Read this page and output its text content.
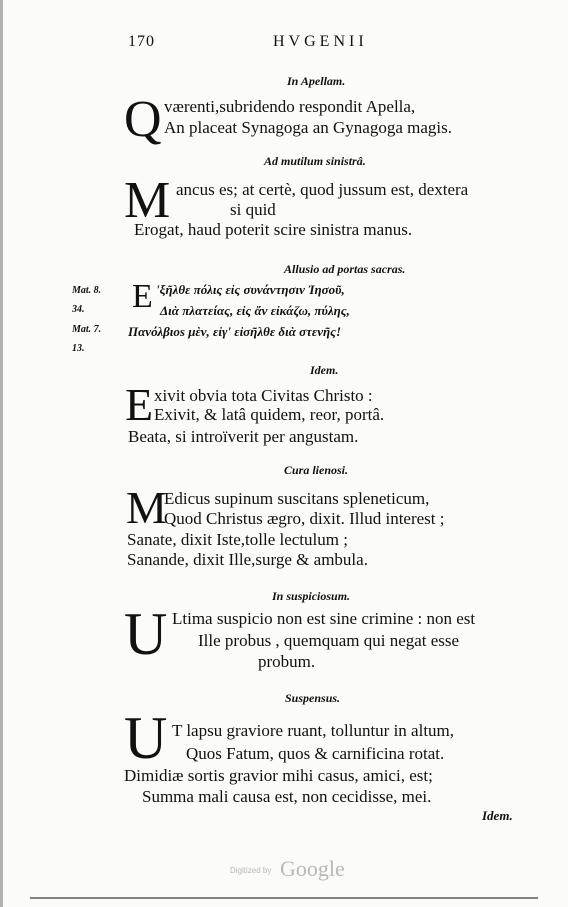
170	HVGENII
In Apellam.
Q værenti,subridendo respondit Apella,
An placeat Synagoga an Gynagoga magis.
Ad mutilum sinistrâ.
M ancus es; at certè, quod jussum est, dextera
si quid
Erogat, haud poterit scire sinistra manus.
Allusio ad portas sacras.
Mat. 8.
34.
Mat. 7.
13.
E 'ξῆλθε πόλις εἰς συνάντησιν Ἰησοῦ,
Διὰ πλατείας, εἰς ἄν εἰκάζω, πύλης,
Πανόλβιοs μὲν, εἰγ' εἰσῆλθε διὰ στενῆς!
Idem.
E xivit obvia tota Civitas Christo :
Exivit, & latâ quidem, reor, portâ.
Beata, si introïverit per angustam.
Cura lienosi.
M
Edicus supinum suscitans spleneticum,
Quod Christus ægro, dixit. Illud interest ;
Sanate, dixit Iste,tolle lectulum ;
Sanande, dixit Ille,surge & ambula.
In suspiciosum.
U Ltima suspicio non est sine crimine : non est
Ille probus , quemquam qui negat esse
probum.
Suspensus.
U T lapsu graviore ruant, tolluntur in altum,
Quos Fatum, quos & carnificina rotat.
Dimidiæ sortis gravior mihi casus, amici, est;
Summa mali causa est, non cecidisse, mei.
Idem.
Digitized by Google
